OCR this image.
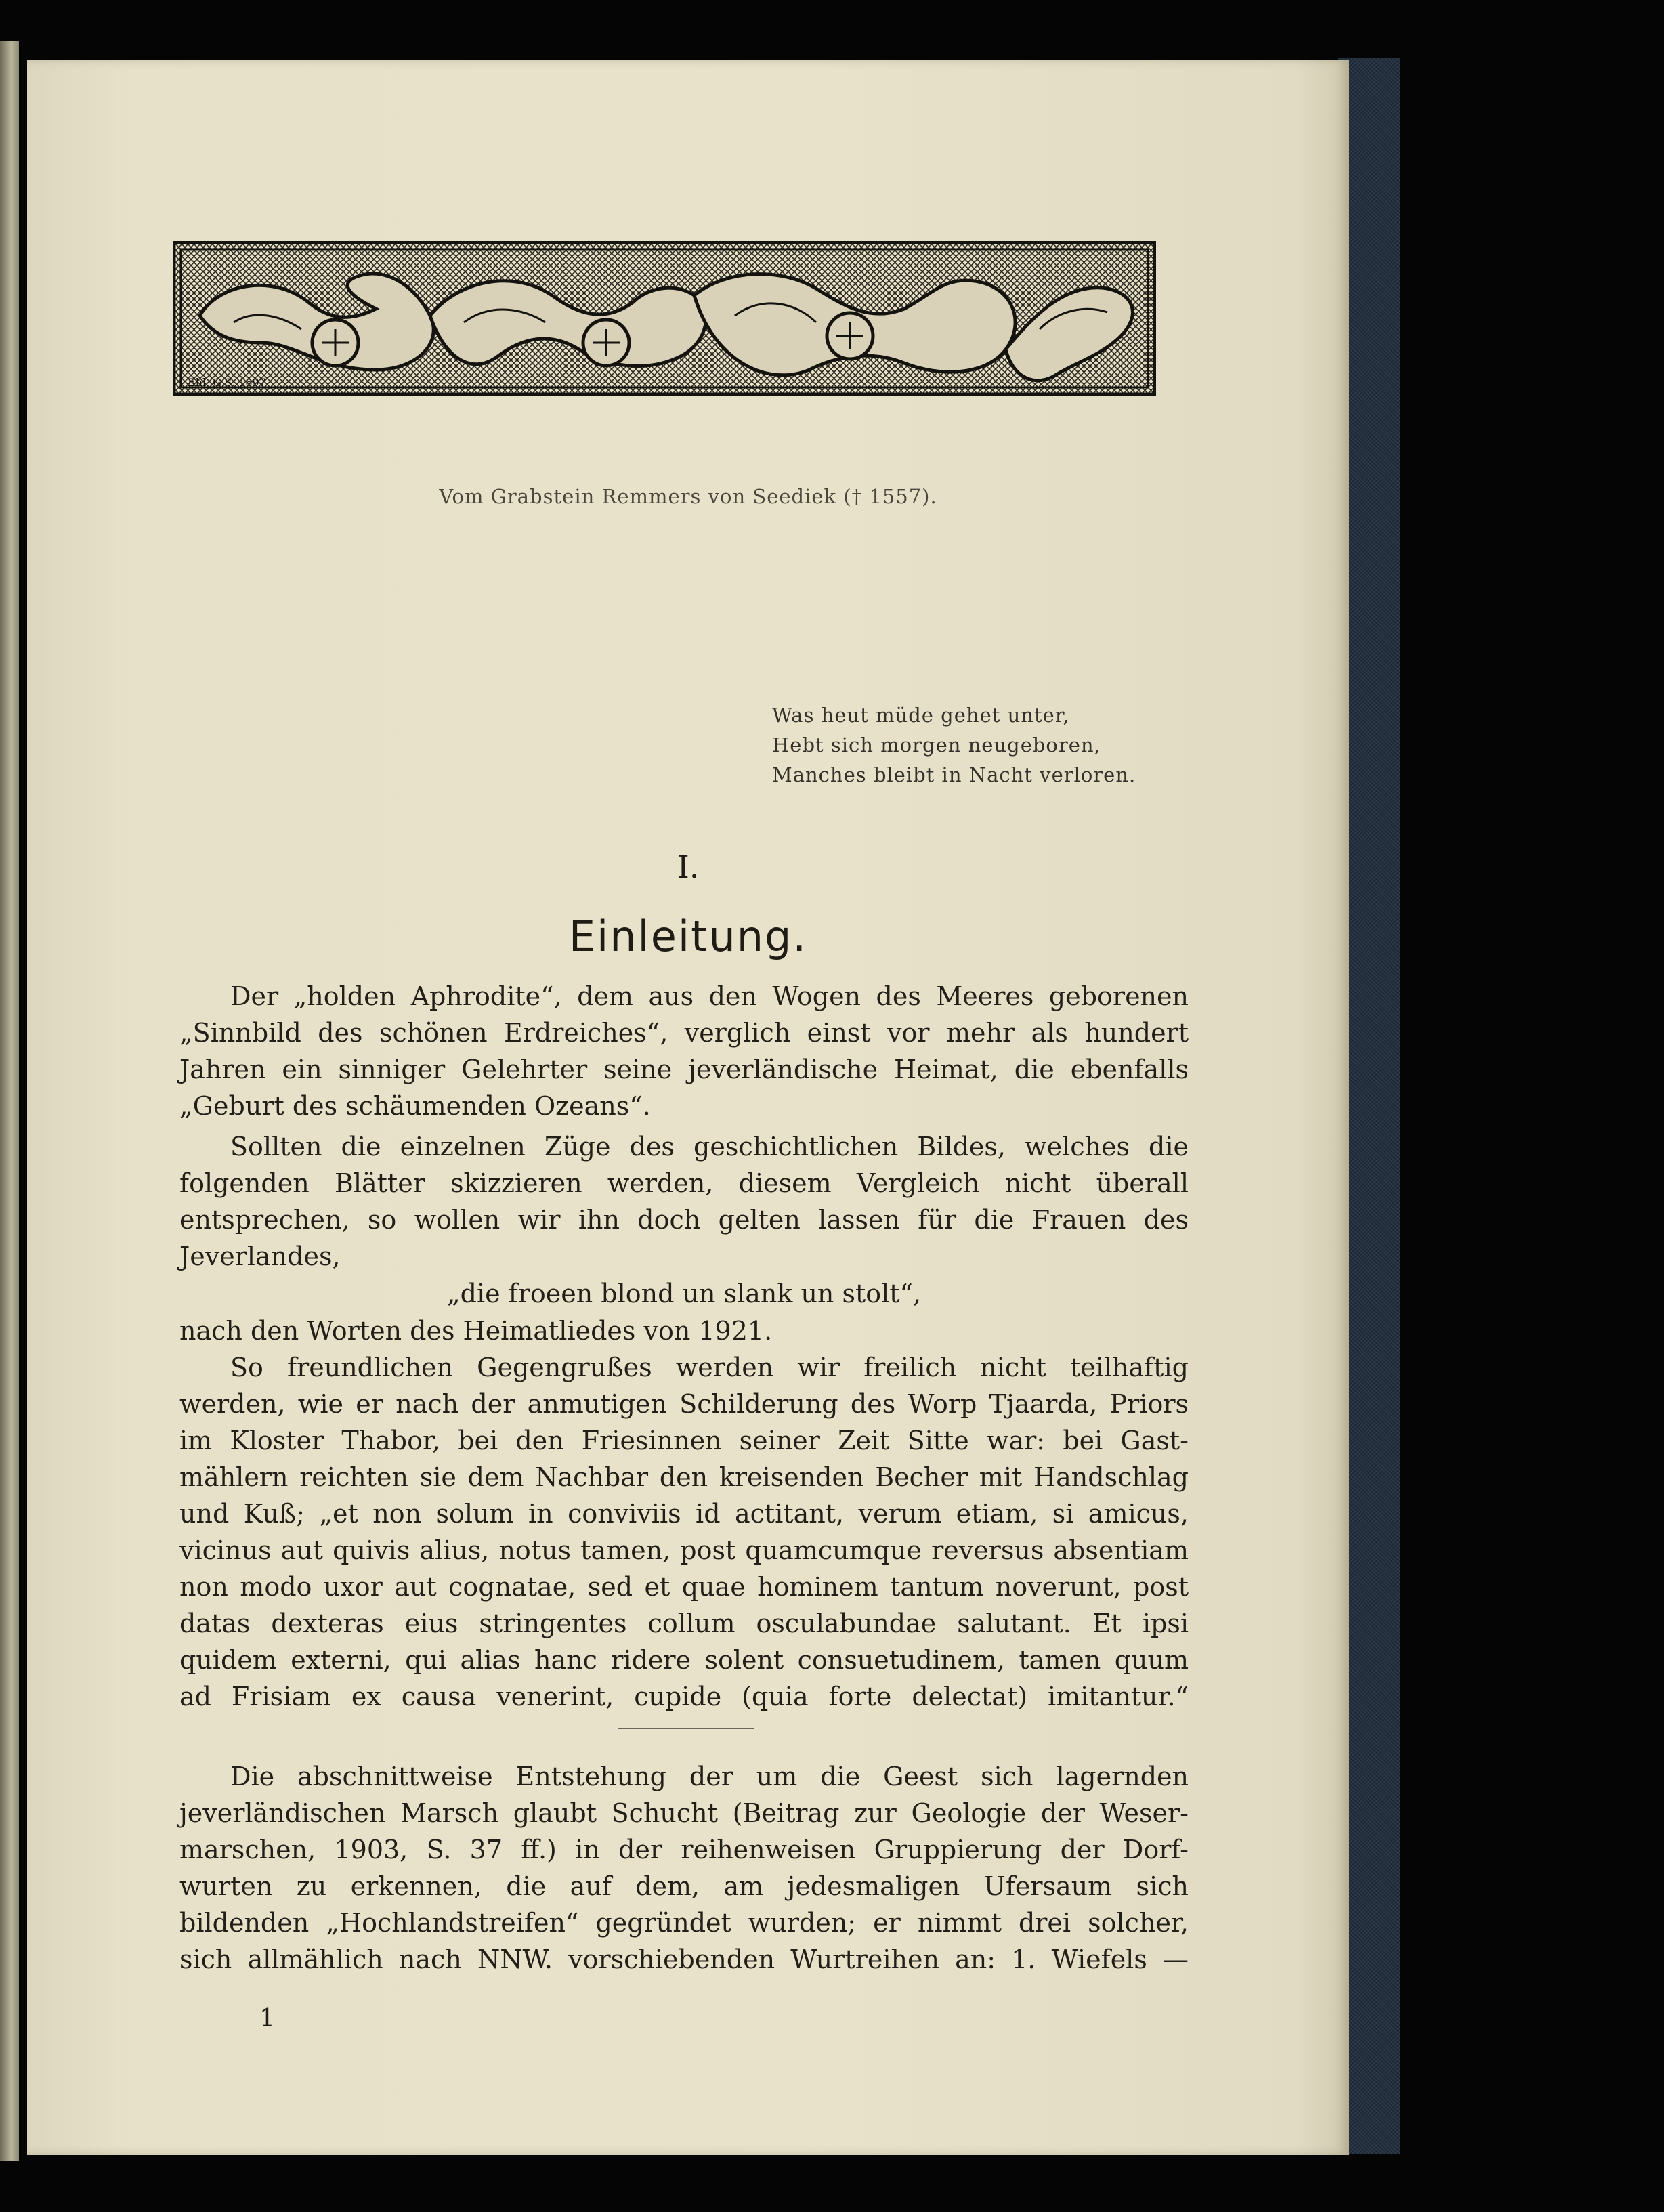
Ehl. G.S. 1897
Vom Grabstein Remmers von Seediek († 1557).
Was heut müde gehet unter,
Hebt sich morgen neugeboren,
Manches bleibt in Nacht verloren.
I.
Einleitung.
Der „holden Aphrodite“, dem aus den Wogen des Meeres geborenen
„Sinnbild des schönen Erdreiches“, verglich einst vor mehr als hundert
Jahren ein sinniger Gelehrter seine jeverländische Heimat, die ebenfalls
„Geburt des schäumenden Ozeans“.
Sollten die einzelnen Züge des geschichtlichen Bildes, welches die
folgenden Blätter skizzieren werden, diesem Vergleich nicht überall
entsprechen, so wollen wir ihn doch gelten lassen für die Frauen des
Jeverlandes,
„die froeen blond un slank un stolt“,
nach den Worten des Heimatliedes von 1921.
So freundlichen Gegengrußes werden wir freilich nicht teilhaftig
werden, wie er nach der anmutigen Schilderung des Worp Tjaarda, Priors
im Kloster Thabor, bei den Friesinnen seiner Zeit Sitte war: bei Gast-
mählern reichten sie dem Nachbar den kreisenden Becher mit Handschlag
und Kuß; „et non solum in conviviis id actitant, verum etiam, si amicus,
vicinus aut quivis alius, notus tamen, post quamcumque reversus absentiam
non modo uxor aut cognatae, sed et quae hominem tantum noverunt, post
datas dexteras eius stringentes collum osculabundae salutant. Et ipsi
quidem externi, qui alias hanc ridere solent consuetudinem, tamen quum
ad Frisiam ex causa venerint, cupide (quia forte delectat) imitantur.“
Die abschnittweise Entstehung der um die Geest sich lagernden
jeverländischen Marsch glaubt Schucht (Beitrag zur Geologie der Weser-
marschen, 1903, S. 37 ff.) in der reihenweisen Gruppierung der Dorf-
wurten zu erkennen, die auf dem, am jedesmaligen Ufersaum sich
bildenden „Hochlandstreifen“ gegründet wurden; er nimmt drei solcher,
sich allmählich nach NNW. vorschiebenden Wurtreihen an: 1. Wiefels —
1
